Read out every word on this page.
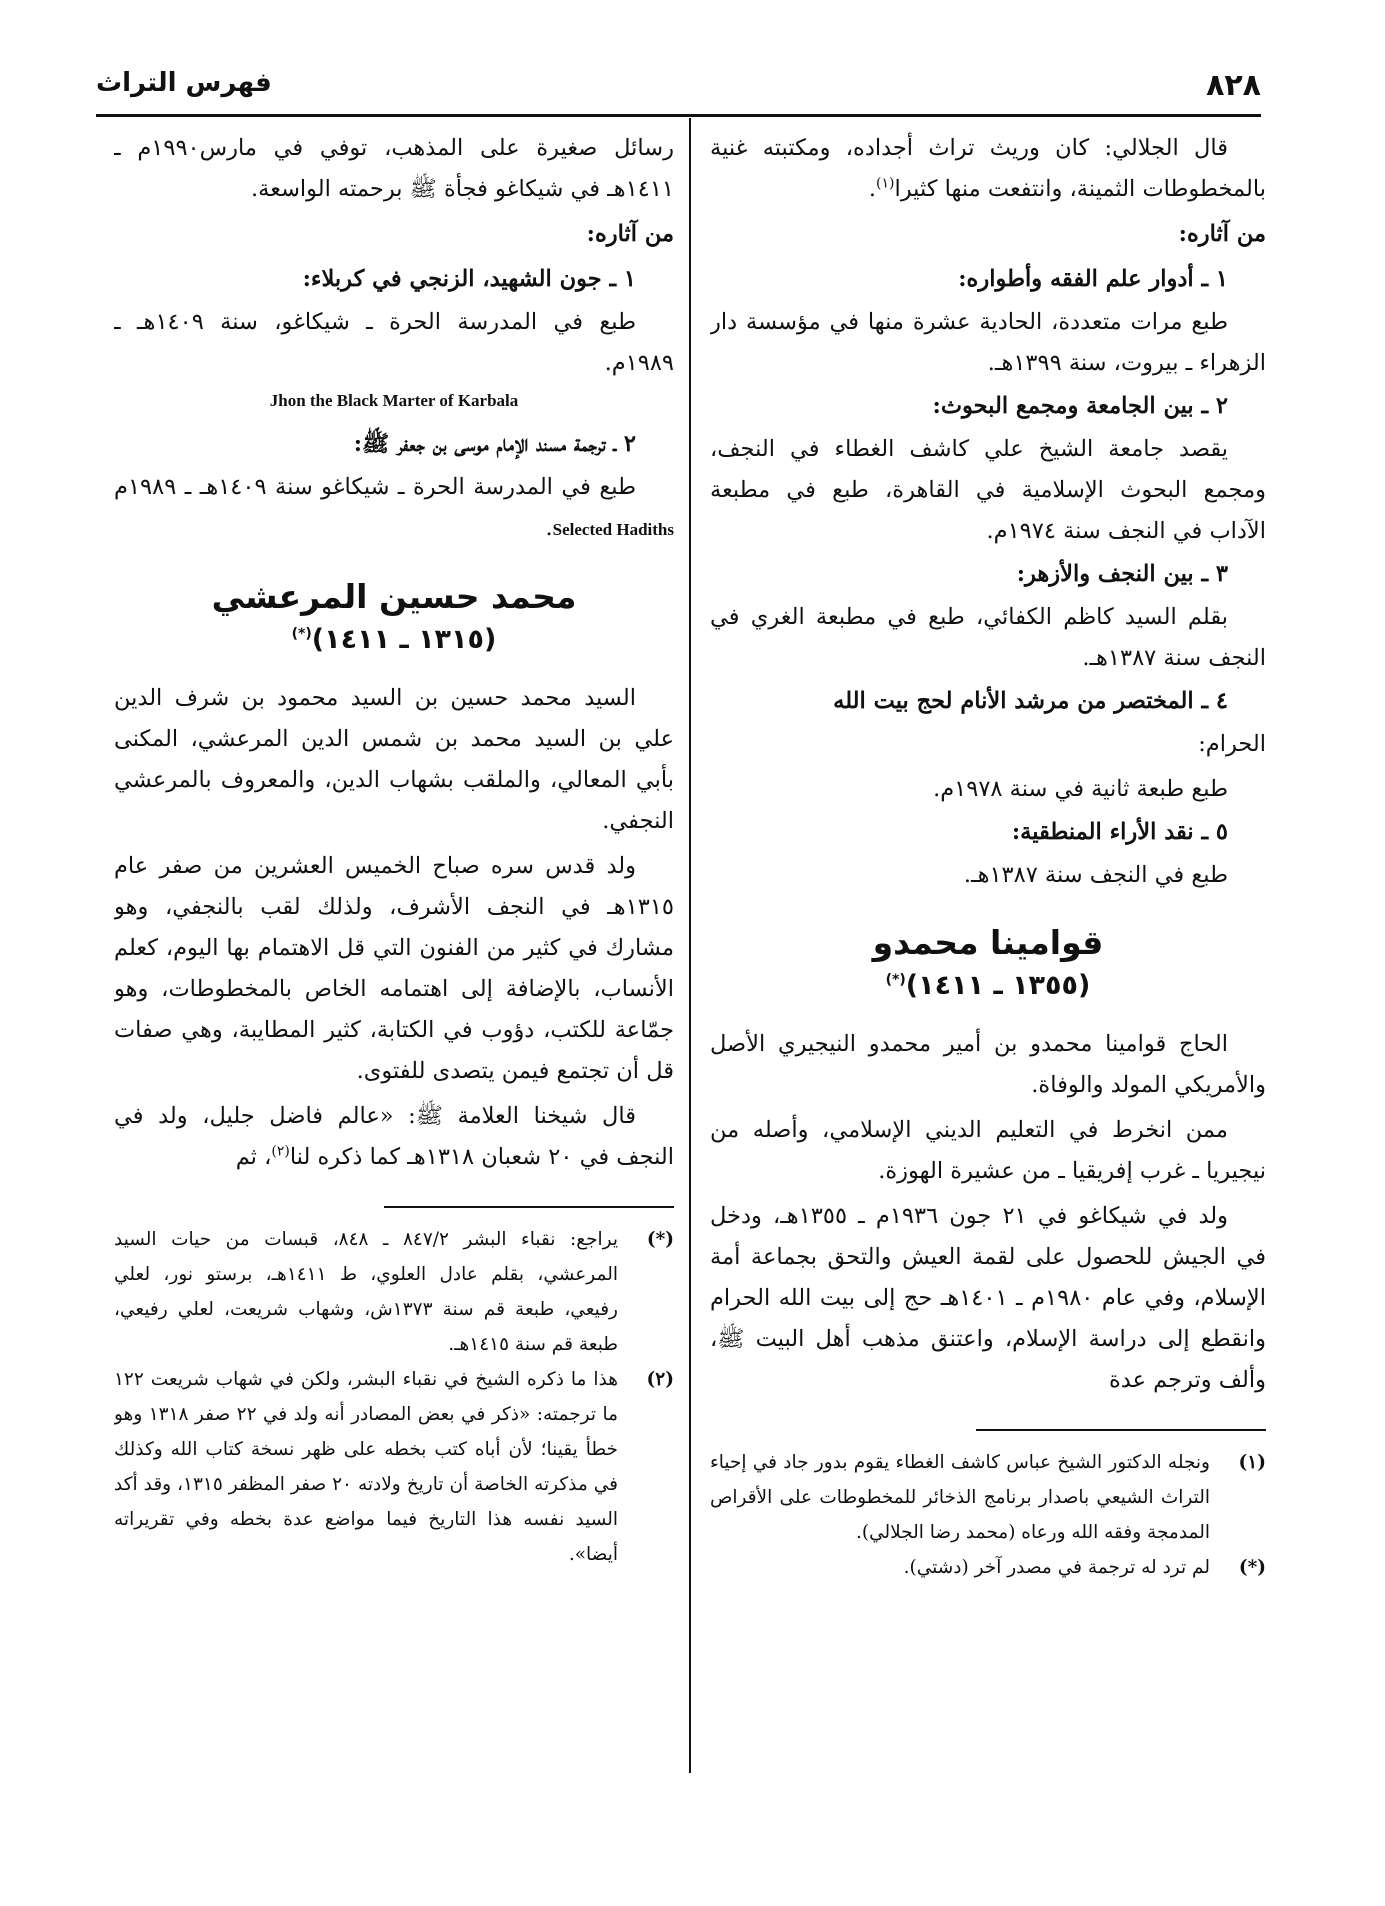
٨٢٨
فهرس التراث

قال الجلالي: كان وريث تراث أجداده، ومكتبته غنية بالمخطوطات الثمينة، وانتفعت منها كثيرا$^{(١)}$.

من آثاره:
١ ـ أدوار علم الفقه وأطواره:

طبع مرات متعددة، الحادية عشرة منها في مؤسسة دار الزهراء ـ بيروت، سنة ١٣٩٩هـ.

٢ ـ بين الجامعة ومجمع البحوث:

يقصد جامعة الشيخ علي كاشف الغطاء في النجف، ومجمع البحوث الإسلامية في القاهرة، طبع في مطبعة الآداب في النجف سنة ١٩٧٤م.

٣ ـ بين النجف والأزهر:

بقلم السيد كاظم الكفائي، طبع في مطبعة الغري في النجف سنة ١٣٨٧هـ.

٤ ـ المختصر من مرشد الأنام لحج بيت الله
الحرام:

طبع طبعة ثانية في سنة ١٩٧٨م.

٥ ـ نقد الأراء المنطقية:

طبع في النجف سنة ١٣٨٧هـ.

قوامينا محمدو
(١٣٥٥ ـ ١٤١١)(*)

الحاج قوامينا محمدو بن أمير محمدو النيجيري الأصل والأمريكي المولد والوفاة.

ممن انخرط في التعليم الديني الإسلامي، وأصله من نيجيريا ـ غرب إفريقيا ـ من عشيرة الهوزة.

ولد في شيكاغو في ٢١ جون ١٩٣٦م ـ ١٣٥٥هـ، ودخل في الجيش للحصول على لقمة العيش والتحق بجماعة أمة الإسلام، وفي عام ١٩٨٠م ـ ١٤٠١هـ حج إلى بيت الله الحرام وانقطع إلى دراسة الإسلام، واعتنق مذهب أهل البيت ﷺ، وألف وترجم عدة

(١)
ونجله الدكتور الشيخ عباس كاشف الغطاء يقوم بدور جاد في إحياء التراث الشيعي باصدار برنامج الذخائر للمخطوطات على الأقراص المدمجة وفقه الله ورعاه (محمد رضا الجلالي).
(*)
لم ترد له ترجمة في مصدر آخر (دشتي).

رسائل صغيرة على المذهب، توفي في مارس١٩٩٠م ـ ١٤١١هـ في شيكاغو فجأة ﷺ برحمته الواسعة.

من آثاره:
١ ـ جون الشهيد، الزنجي في كربلاء:

طبع في المدرسة الحرة ـ شيكاغو، سنة ١٤٠٩هـ ـ ١٩٨٩م.

Jhon the Black Marter of Karbala
٢ ـ ترجمة مسند الإمام موسى بن جعفر ﷺ:

طبع في المدرسة الحرة ـ شيكاغو سنة ١٤٠٩هـ ـ ١٩٨٩م Selected Hadiths.

محمد حسين المرعشي
(١٣١٥ ـ ١٤١١)(*)

السيد محمد حسين بن السيد محمود بن شرف الدين علي بن السيد محمد بن شمس الدين المرعشي، المكنى بأبي المعالي، والملقب بشهاب الدين، والمعروف بالمرعشي النجفي.

ولد قدس سره صباح الخميس العشرين من صفر عام ١٣١٥هـ في النجف الأشرف، ولذلك لقب بالنجفي، وهو مشارك في كثير من الفنون التي قل الاهتمام بها اليوم، كعلم الأنساب، بالإضافة إلى اهتمامه الخاص بالمخطوطات، وهو جمّاعة للكتب، دؤوب في الكتابة، كثير المطايبة، وهي صفات قل أن تجتمع فيمن يتصدى للفتوى.

قال شيخنا العلامة ﷺ: «عالم فاضل جليل، ولد في النجف في ٢٠ شعبان ١٣١٨هـ كما ذكره لنا$^{(٢)}$، ثم

(*)
يراجع: نقباء البشر ٨٤٧/٢ ـ ٨٤٨، قبسات من حيات السيد المرعشي، بقلم عادل العلوي، ط ١٤١١هـ، برستو نور، لعلي رفيعي، طبعة قم سنة ١٣٧٣ش، وشهاب شريعت، لعلي رفيعي، طبعة قم سنة ١٤١٥هـ.
(٢)
هذا ما ذكره الشيخ في نقباء البشر، ولكن في شهاب شريعت ١٢٢ ما ترجمته: «ذكر في بعض المصادر أنه ولد في ٢٢ صفر ١٣١٨ وهو خطأ يقينا؛ لأن أباه كتب بخطه على ظهر نسخة كتاب الله وكذلك في مذكرته الخاصة أن تاريخ ولادته ٢٠ صفر المظفر ١٣١٥، وقد أكد السيد نفسه هذا التاريخ فيما مواضع عدة بخطه وفي تقريراته أيضا».
